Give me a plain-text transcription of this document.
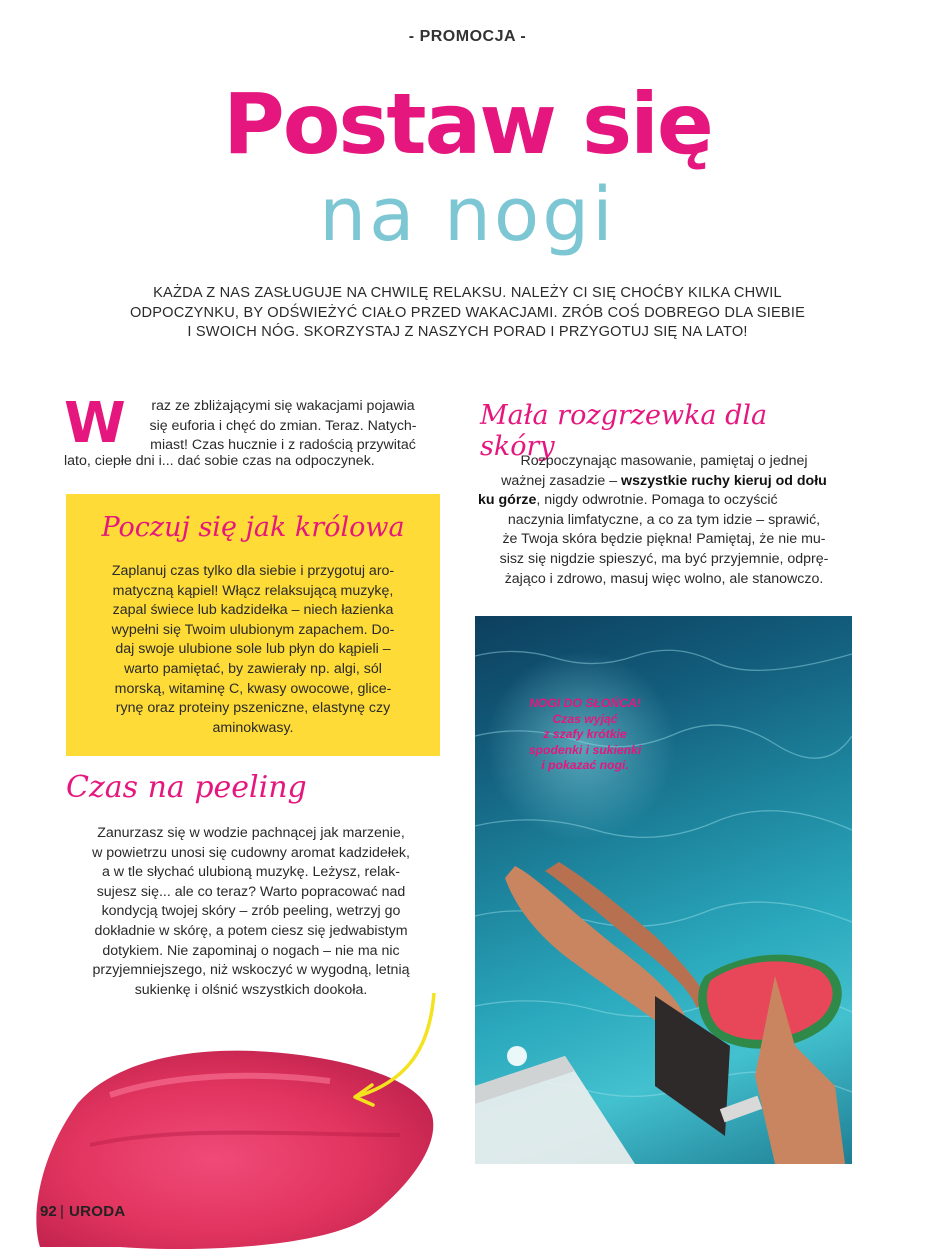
- PROMOCJA -
Postaw się
na nogi
KAŻDA Z NAS ZASŁUGUJE NA CHWILĘ RELAKSU. NALEŻY CI SIĘ CHOĆBY KILKA CHWIL
ODPOCZYNKU, BY ODŚWIEŻYĆ CIAŁO PRZED WAKACJAMI. ZRÓB COŚ DOBREGO DLA SIEBIE
I SWOICH NÓG. SKORZYSTAJ Z NASZYCH PORAD I PRZYGOTUJ SIĘ NA LATO!
W	raz ze zbliżającymi się wakacjami pojawia
się euforia i chęć do zmian. Teraz. Natych-
miast! Czas hucznie i z radością przywitać
lato, ciepłe dni i... dać sobie czas na odpoczynek.
Poczuj się jak królowa
Zaplanuj czas tylko dla siebie i przygotuj aro-
matyczną kąpiel! Włącz relaksującą muzykę,
zapal świece lub kadzidełka – niech łazienka
wypełni się Twoim ulubionym zapachem. Do-
daj swoje ulubione sole lub płyn do kąpieli –
warto pamiętać, by zawierały np. algi, sól
morską, witaminę C, kwasy owocowe, glice-
rynę oraz proteiny pszeniczne, elastynę czy
aminokwasy.
Czas na peeling
Zanurzasz się w wodzie pachnącej jak marzenie,
w powietrzu unosi się cudowny aromat kadzidełek,
a w tle słychać ulubioną muzykę. Leżysz, relak-
sujesz się... ale co teraz? Warto popracować nad
kondycją twojej skóry – zrób peeling, wetrzyj go
dokładnie w skórę, a potem ciesz się jedwabistym
dotykiem. Nie zapominaj o nogach – nie ma nic
przyjemniejszego, niż wskoczyć w wygodną, letnią
sukienkę i olśnić wszystkich dookoła.
Mała rozgrzewka dla skóry
Rozpoczynając masowanie, pamiętaj o jednej
ważnej zasadzie – wszystkie ruchy kieruj od dołu
ku górze, nigdy odwrotnie. Pomaga to oczyścić
naczynia limfatyczne, a co za tym idzie – sprawić,
że Twoja skóra będzie piękna! Pamiętaj, że nie mu-
sisz się nigdzie spieszyć, ma być przyjemnie, odprę-
żająco i zdrowo, masuj więc wolno, ale stanowczo.
NOGI DO SŁOŃCA!
Czas wyjąć
z szafy krótkie
spodenki i sukienki
i pokazać nogi.
92 | URODA
